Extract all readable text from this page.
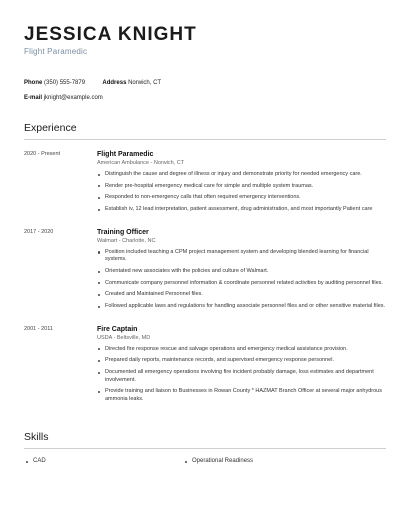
JESSICA KNIGHT
Flight Paramedic
Phone (350) 555-7879	Address Norwich, CT
E-mail jknight@example.com
Experience
2020 - Present	Flight Paramedic
American Ambulance - Norwich, CT
Distinguish the cause and degree of illness or injury and demonstrate priority for needed emergency care.
Render pre-hospital emergency medical care for simple and multiple system traumas.
Responded to non-emergency calls that often required emergency interventions.
Establish iv, 12 lead interpretation, patient assessment, drug administration, and most importantly Patient care
2017 - 2020	Training Officer
Walmart - Charlotte, NC
Position included teaching a CPM project management system and developing blended learning for financial systems.
Orientated new associates with the policies and culture of Walmart.
Communicate company personnel information & coordinate personnel related activities by auditing personnel files.
Created and Maintained Personnel files.
Followed applicable laws and regulations for handling associate personnel files and or other sensitive material files.
2001 - 2011	Fire Captain
USDA - Beltsville, MD
Directed fire response rescue and salvage operations and emergency medical assistance provision.
Prepared daily reports, maintenance records, and supervised emergency response personnel.
Documented all emergency operations involving fire incident probably damage, loss estimates and department involvement.
Provide training and liaison to Businesses in Rowan County * HAZMAT Branch Officer at several major anhydrous ammonia leaks.
Skills
CAD	Operational Readiness
